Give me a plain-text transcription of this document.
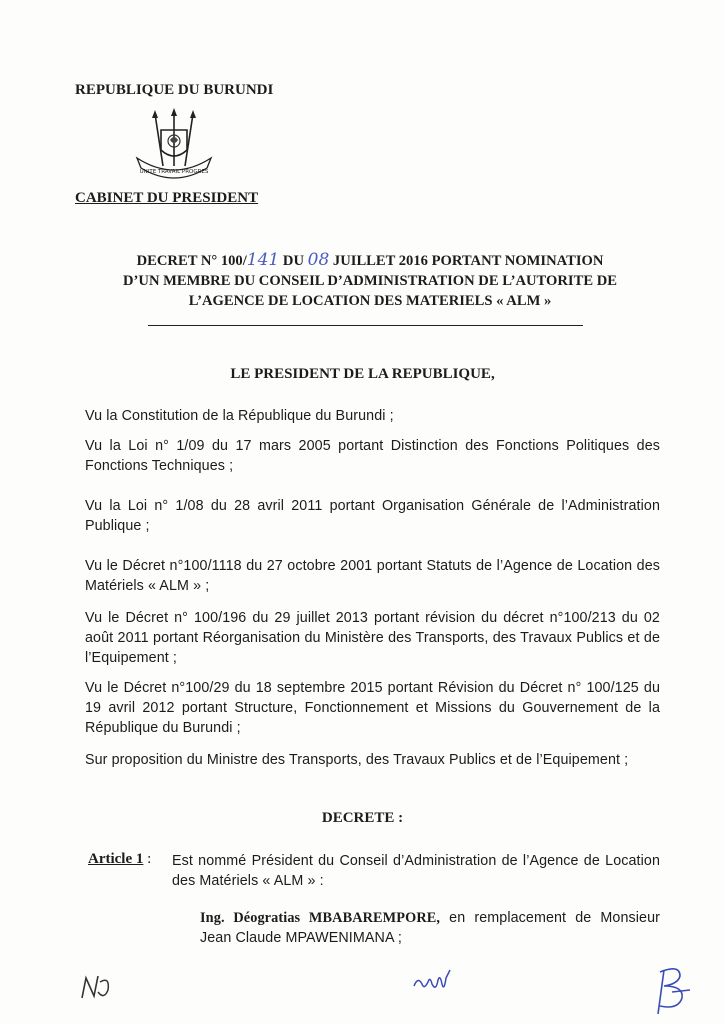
REPUBLIQUE DU BURUNDI
UNITE TRAVAIL PROGRES
CABINET DU PRESIDENT
DECRET N° 100/141 DU 08 JUILLET 2016 PORTANT NOMINATION
D’UN MEMBRE DU CONSEIL D’ADMINISTRATION DE L’AUTORITE DE
L’AGENCE DE LOCATION DES MATERIELS « ALM »
LE PRESIDENT DE LA REPUBLIQUE,
Vu la Constitution de la République du Burundi ;
Vu la Loi n° 1/09 du 17 mars 2005 portant Distinction des Fonctions Politiques des Fonctions Techniques ;
Vu la Loi n° 1/08 du 28 avril 2011 portant Organisation Générale de l’Administration Publique ;
Vu le Décret n°100/1118 du 27 octobre 2001 portant Statuts de l’Agence de Location des Matériels « ALM » ;
Vu le Décret n° 100/196 du 29 juillet 2013 portant révision du décret n°100/213 du 02 août 2011 portant Réorganisation du Ministère des Transports, des Travaux Publics et de l’Equipement ;
Vu le Décret n°100/29 du 18 septembre 2015 portant Révision du Décret n° 100/125 du 19 avril 2012 portant Structure, Fonctionnement et Missions du Gouvernement de la République du Burundi ;
Sur proposition du Ministre des Transports, des Travaux Publics et de l’Equipement ;
DECRETE :
Article 1 : Est nommé Président du Conseil d’Administration de l’Agence de Location des Matériels « ALM » :
Ing. Déogratias MBABAREMPORE, en remplacement de Monsieur Jean Claude MPAWENIMANA ;
